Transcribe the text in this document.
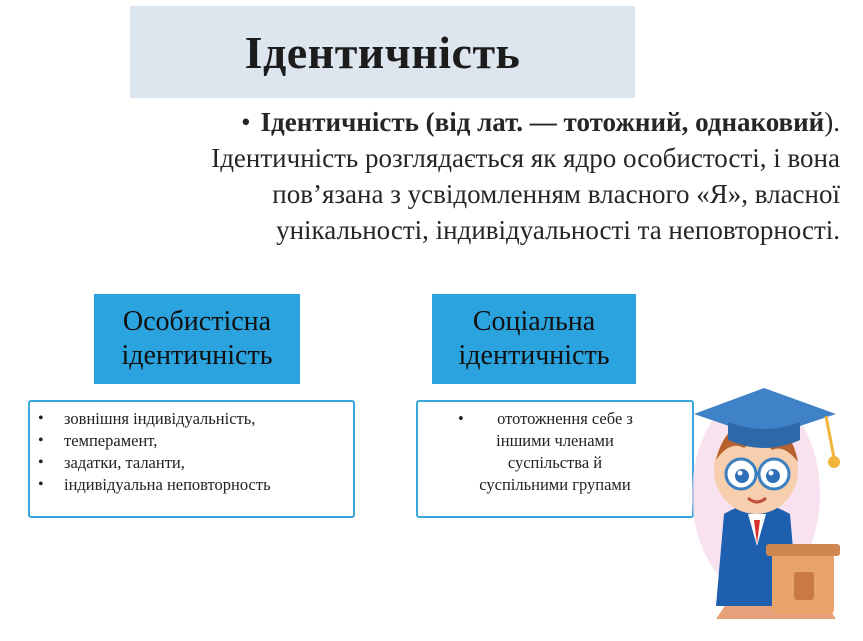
Ідентичність
• Ідентичність (від лат. — тотожний, однаковий). Ідентичність розглядається як ядро особистості, і вона пов’язана з усвідомленням власного «Я», власної унікальності, індивідуальності та неповторності.
Особистісна
ідентичність
Соціальна
ідентичність
• зовнішня індивідуальність,
• темперамент,
• задатки, таланти,
• індивідуальна неповторность
• ототожнення себе з
іншими членами
суспільства й
суспільними групами
